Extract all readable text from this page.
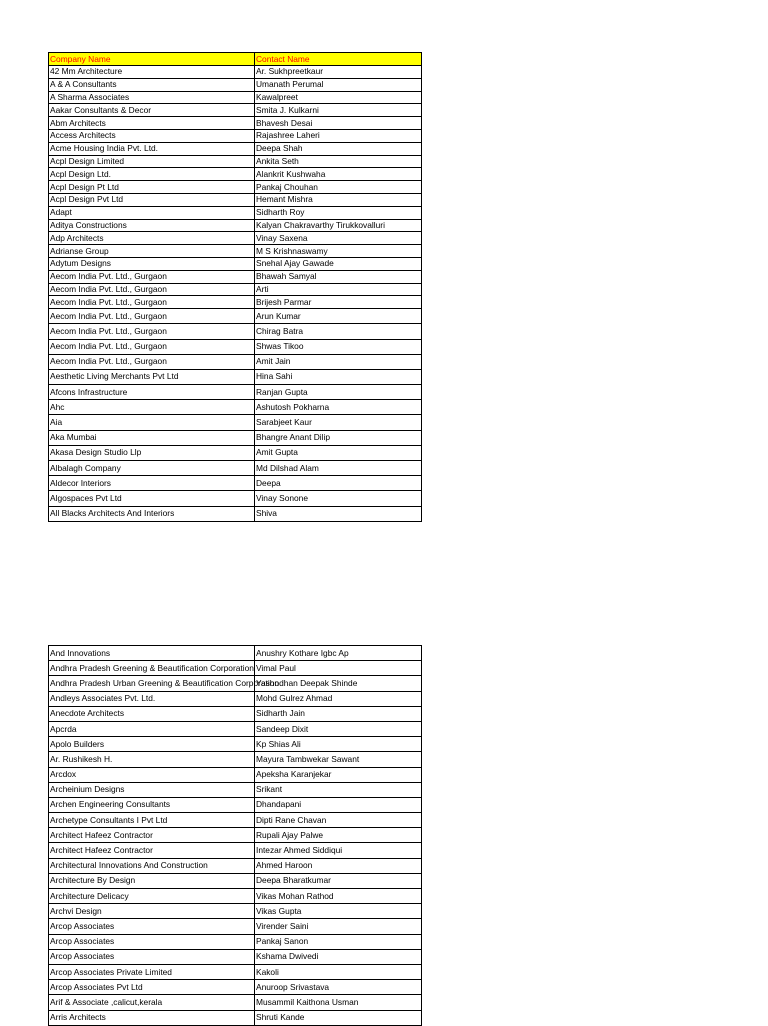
Company Name	Contact Name
42 Mm Architecture	Ar. Sukhpreetkaur
A & A Consultants	Umanath Perumal
A Sharma Associates	Kawalpreet
Aakar Consultants & Decor	Smita J. Kulkarni
Abm Architects	Bhavesh Desai
Access Architects	Rajashree Laheri
Acme Housing India Pvt. Ltd.	Deepa Shah
Acpl Design Limited	Ankita Seth
Acpl Design Ltd.	Alankrit Kushwaha
Acpl Design Pt Ltd	Pankaj Chouhan
Acpl Design Pvt Ltd	Hemant Mishra
Adapt	Sidharth Roy
Aditya Constructions	Kalyan Chakravarthy Tirukkovalluri
Adp Architects	Vinay Saxena
Adrianse Group	M S Krishnaswamy
Adytum Designs	Snehal Ajay Gawade
Aecom India Pvt. Ltd., Gurgaon	Bhawah Samyal
Aecom India Pvt. Ltd., Gurgaon	Arti
Aecom India Pvt. Ltd., Gurgaon	Brijesh Parmar
Aecom India Pvt. Ltd., Gurgaon	Arun Kumar
Aecom India Pvt. Ltd., Gurgaon	Chirag Batra
Aecom India Pvt. Ltd., Gurgaon	Shwas Tikoo
Aecom India Pvt. Ltd., Gurgaon	Amit Jain
Aesthetic Living Merchants Pvt Ltd	Hina Sahi
Afcons Infrastructure	Ranjan Gupta
Ahc	Ashutosh Pokharna
Aia	Sarabjeet Kaur
Aka Mumbai	Bhangre Anant Dilip
Akasa Design Studio Llp	Amit Gupta
Albalagh Company	Md Dilshad Alam
Aldecor Interiors	Deepa
Algospaces Pvt Ltd	Vinay Sonone
All Blacks Architects And Interiors	Shiva
And Innovations	Anushry Kothare Igbc Ap
Andhra Pradesh Greening & Beautification Corporation	Vimal Paul
Andhra Pradesh Urban Greening & Beautification Corporation	Yashodhan Deepak Shinde
Andleys Associates Pvt. Ltd.	Mohd Gulrez Ahmad
Anecdote Architects	Sidharth Jain
Apcrda	Sandeep Dixit
Apolo Builders	Kp Shias Ali
Ar. Rushikesh H.	Mayura Tambwekar Sawant
Arcdox	Apeksha Karanjekar
Archeinium Designs	Srikant
Archen Engineering Consultants	Dhandapani
Archetype Consultants I Pvt Ltd	Dipti Rane Chavan
Architect Hafeez Contractor	Rupali Ajay Palwe
Architect Hafeez Contractor	Intezar Ahmed Siddiqui
Architectural Innovations And Construction	Ahmed Haroon
Architecture By Design	Deepa Bharatkumar
Architecture Delicacy	Vikas Mohan Rathod
Archvi Design	Vikas Gupta
Arcop Associates	Virender Saini
Arcop Associates	Pankaj Sanon
Arcop Associates	Kshama Dwivedi
Arcop Associates Private Limited	Kakoli
Arcop Associates Pvt Ltd	Anuroop Srivastava
Arif & Associate ,calicut,kerala	Musammil Kaithona Usman
Arris Architects	Shruti Kande
